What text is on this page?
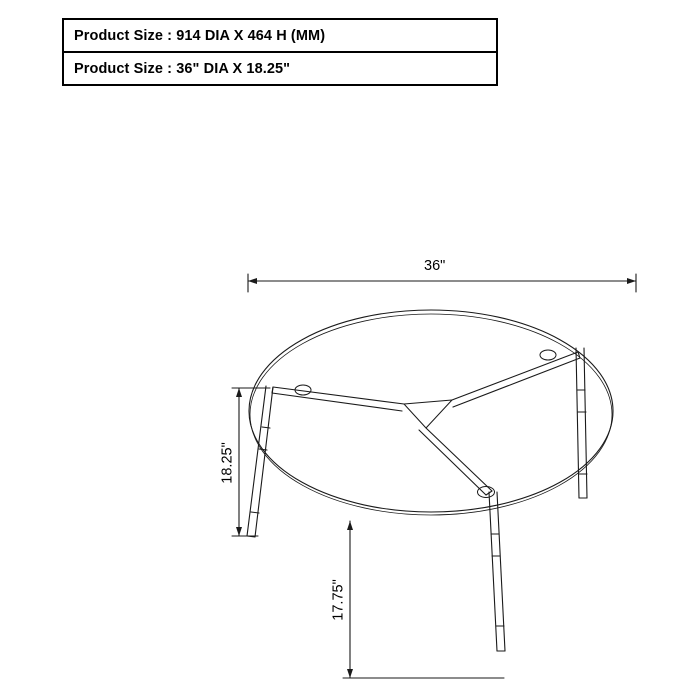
Product Size : 914 DIA X 464 H (MM)
Product Size : 36" DIA X 18.25"
36"
18.25"
17.75"
